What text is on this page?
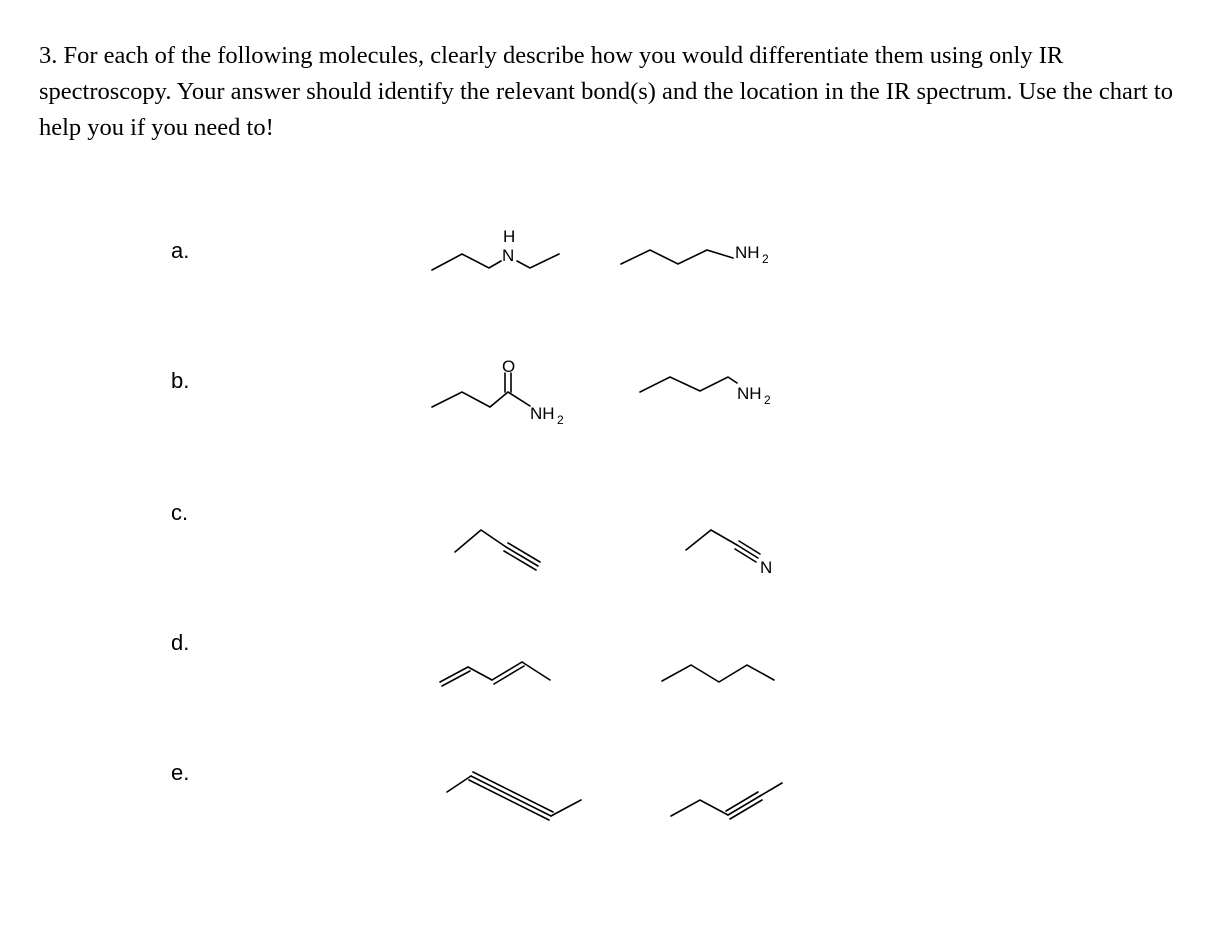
3. For each of the following molecules, clearly describe how you would differentiate them using only IR spectroscopy. Your answer should identify the relevant bond(s) and the location in the IR spectrum. Use the chart to help you if you need to!

a.
b.
c.
d.
e.
H
N	NH 2
O
NH 2
NH 2
N
